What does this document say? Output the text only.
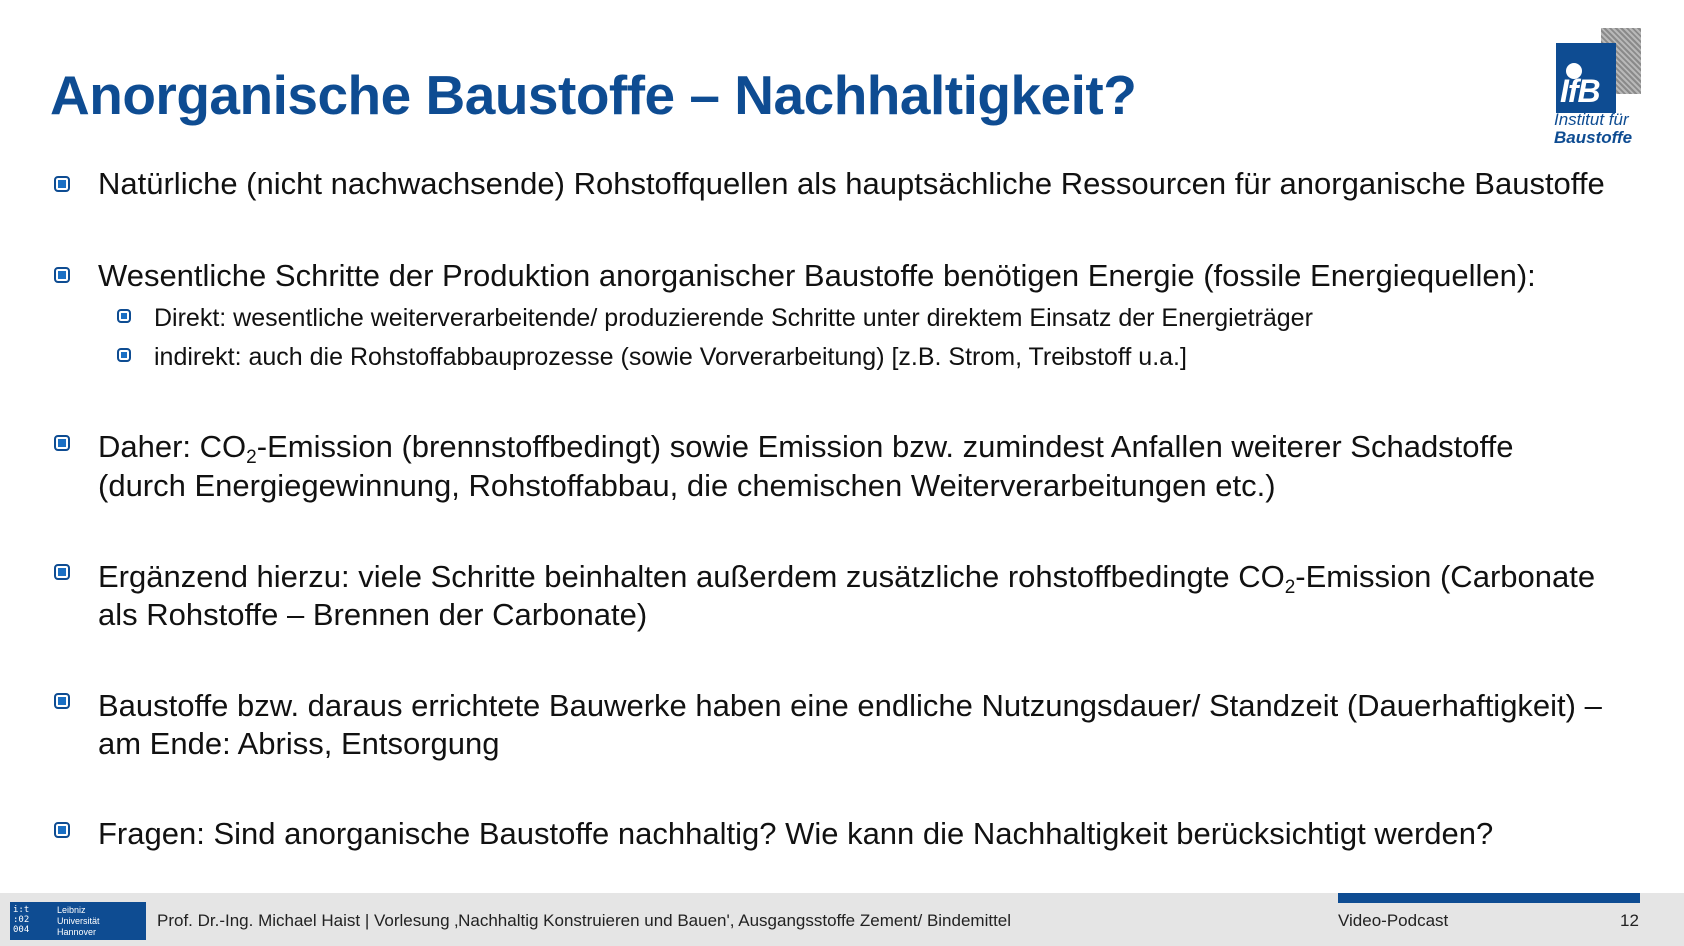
Anorganische Baustoffe – Nachhaltigkeit?	IfB
Institut für
Baustoffe

Natürliche (nicht nachwachsende) Rohstoffquellen als hauptsächliche Ressourcen für anorganische Baustoffe

Wesentliche Schritte der Produktion anorganischer Baustoffe benötigen Energie (fossile Energiequellen):

Direkt: wesentliche weiterverarbeitende/ produzierende Schritte unter direktem Einsatz der Energieträger

indirekt: auch die Rohstoffabbauprozesse (sowie Vorverarbeitung) [z.B. Strom, Treibstoff u.a.]

Daher: $CO_2$-Emission (brennstoffbedingt) sowie Emission bzw. zumindest Anfallen weiterer Schadstoffe

(durch Energiegewinnung, Rohstoffabbau, die chemischen Weiterverarbeitungen etc.)

Ergänzend hierzu: viele Schritte beinhalten außerdem zusätzliche rohstoffbedingte $CO_2$-Emission (Carbonate

als Rohstoffe – Brennen der Carbonate)

Baustoffe bzw. daraus errichtete Bauwerke haben eine endliche Nutzungsdauer/ Standzeit (Dauerhaftigkeit) –

am Ende: Abriss, Entsorgung

Fragen: Sind anorganische Baustoffe nachhaltig? Wie kann die Nachhaltigkeit berücksichtigt werden?

i:t
:02
004
Leibniz
Universität
Hannover
Prof. Dr.-Ing. Michael Haist | Vorlesung ‚Nachhaltig Konstruieren und Bauen', Ausgangsstoffe Zement/ Bindemittel	Video-Podcast	12
